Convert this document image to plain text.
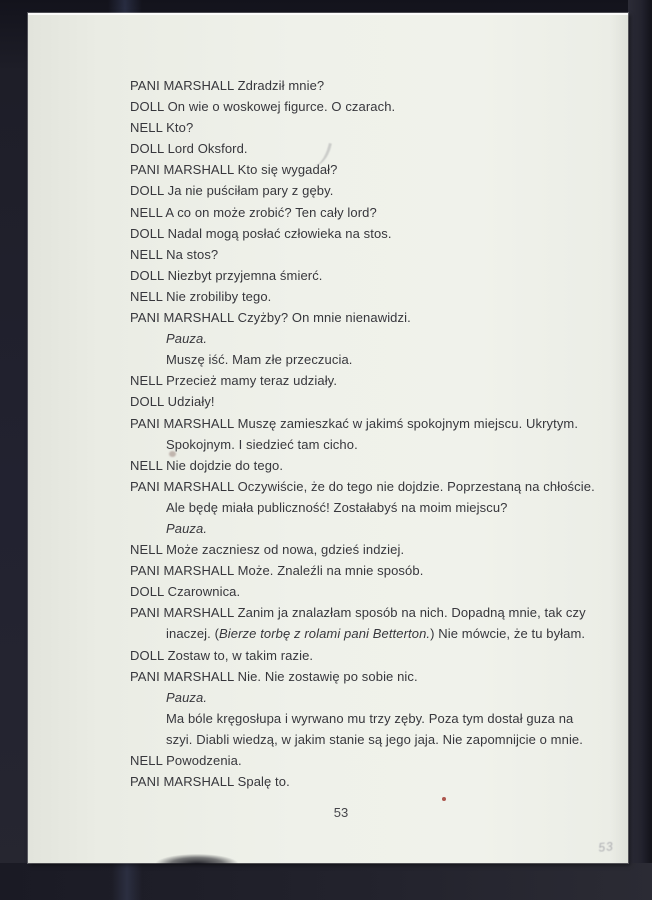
PANI MARSHALL Zdradził mnie?
DOLL On wie o woskowej figurce. O czarach.
NELL Kto?
DOLL Lord Oksford.
PANI MARSHALL Kto się wygadał?
DOLL Ja nie puściłam pary z gęby.
NELL A co on może zrobić? Ten cały lord?
DOLL Nadal mogą posłać człowieka na stos.
NELL Na stos?
DOLL Niezbyt przyjemna śmierć.
NELL Nie zrobiliby tego.
PANI MARSHALL Czyżby? On mnie nienawidzi.
Pauza.
Muszę iść. Mam złe przeczucia.
NELL Przecież mamy teraz udziały.
DOLL Udziały!
PANI MARSHALL Muszę zamieszkać w jakimś spokojnym miejscu. Ukrytym.
Spokojnym. I siedzieć tam cicho.
NELL Nie dojdzie do tego.
PANI MARSHALL Oczywiście, że do tego nie dojdzie. Poprzestaną na chłoście.
Ale będę miała publiczność! Zostałabyś na moim miejscu?
Pauza.
NELL Może zaczniesz od nowa, gdzieś indziej.
PANI MARSHALL Może. Znaleźli na mnie sposób.
DOLL Czarownica.
PANI MARSHALL Zanim ja znalazłam sposób na nich. Dopadną mnie, tak czy
inaczej. (Bierze torbę z rolami pani Betterton.) Nie mówcie, że tu byłam.
DOLL Zostaw to, w takim razie.
PANI MARSHALL Nie. Nie zostawię po sobie nic.
Pauza.
Ma bóle kręgosłupa i wyrwano mu trzy zęby. Poza tym dostał guza na
szyi. Diabli wiedzą, w jakim stanie są jego jaja. Nie zapomnijcie o mnie.
NELL Powodzenia.
PANI MARSHALL Spalę to.
53
53
